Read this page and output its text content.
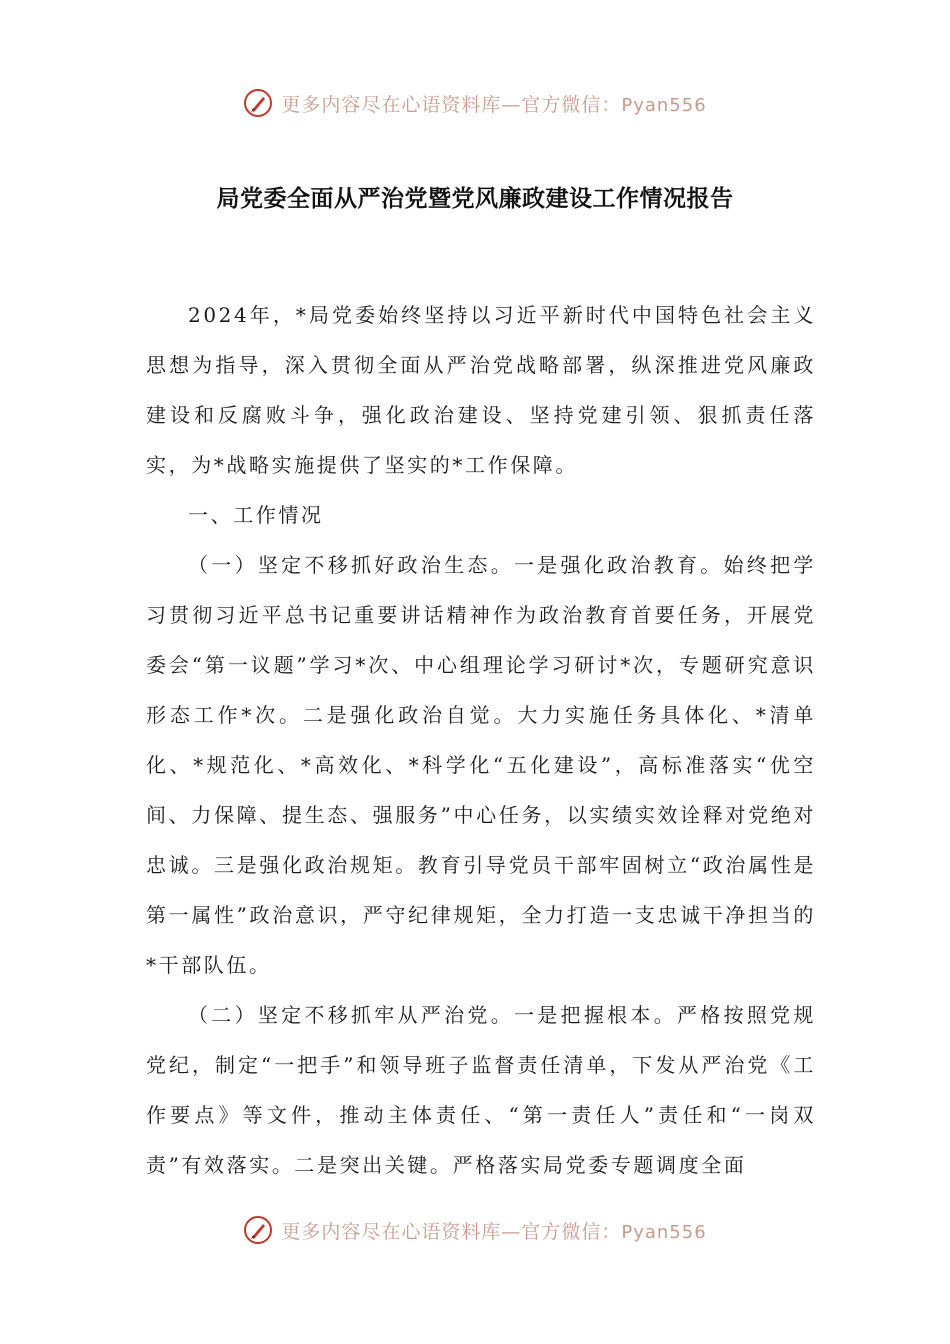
更多内容尽在心语资料库—官方微信：Pyan556
局党委全面从严治党暨党风廉政建设工作情况报告

2024年，*局党委始终坚持以习近平新时代中国特色社会主义思想为指导，深入贯彻全面从严治党战略部署，纵深推进党风廉政建设和反腐败斗争，强化政治建设、坚持党建引领、狠抓责任落实，为*战略实施提供了坚实的*工作保障。

一、工作情况

（一）坚定不移抓好政治生态。一是强化政治教育。始终把学习贯彻习近平总书记重要讲话精神作为政治教育首要任务，开展党委会“第一议题”学习*次、中心组理论学习研讨*次，专题研究意识形态工作*次。二是强化政治自觉。大力实施任务具体化、*清单化、*规范化、*高效化、*科学化“五化建设”，高标准落实“优空间、力保障、提生态、强服务”中心任务，以实绩实效诠释对党绝对忠诚。三是强化政治规矩。教育引导党员干部牢固树立“政治属性是第一属性”政治意识，严守纪律规矩，全力打造一支忠诚干净担当的*干部队伍。

（二）坚定不移抓牢从严治党。一是把握根本。严格按照党规党纪，制定“一把手”和领导班子监督责任清单，下发从严治党《工作要点》等文件，推动主体责任、“第一责任人”责任和“一岗双责”有效落实。二是突出关键。严格落实局党委专题调度全面

更多内容尽在心语资料库—官方微信：Pyan556
